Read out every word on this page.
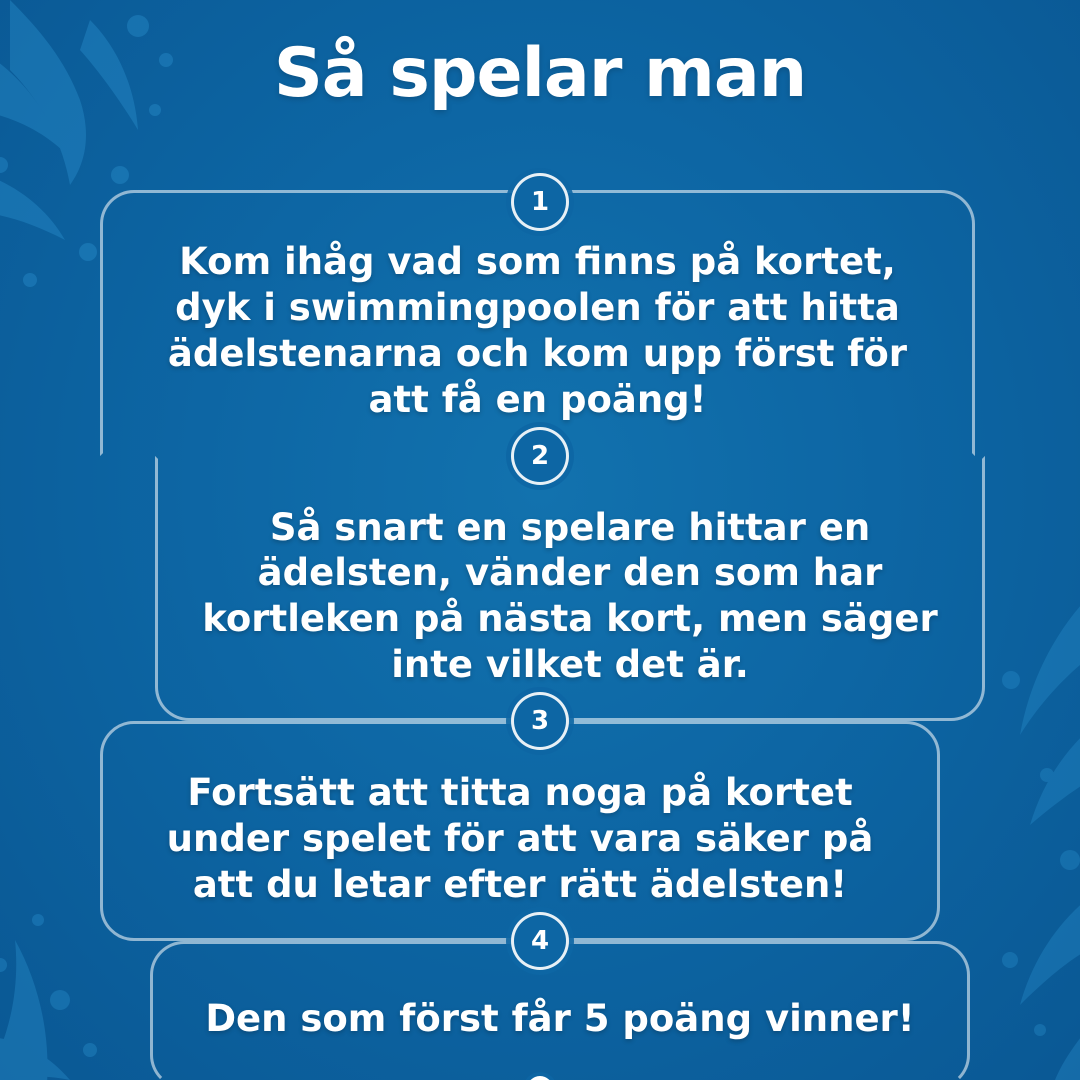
Så spelar man
1
Kom ihåg vad som finns på kortet, dyk i swimmingpoolen för att hitta ädelstenarna och kom upp först för att få en poäng!
2
Så snart en spelare hittar en ädelsten, vänder den som har kortleken på nästa kort, men säger inte vilket det är.
3
Fortsätt att titta noga på kortet under spelet för att vara säker på att du letar efter rätt ädelsten!
4
Den som först får 5 poäng vinner!
